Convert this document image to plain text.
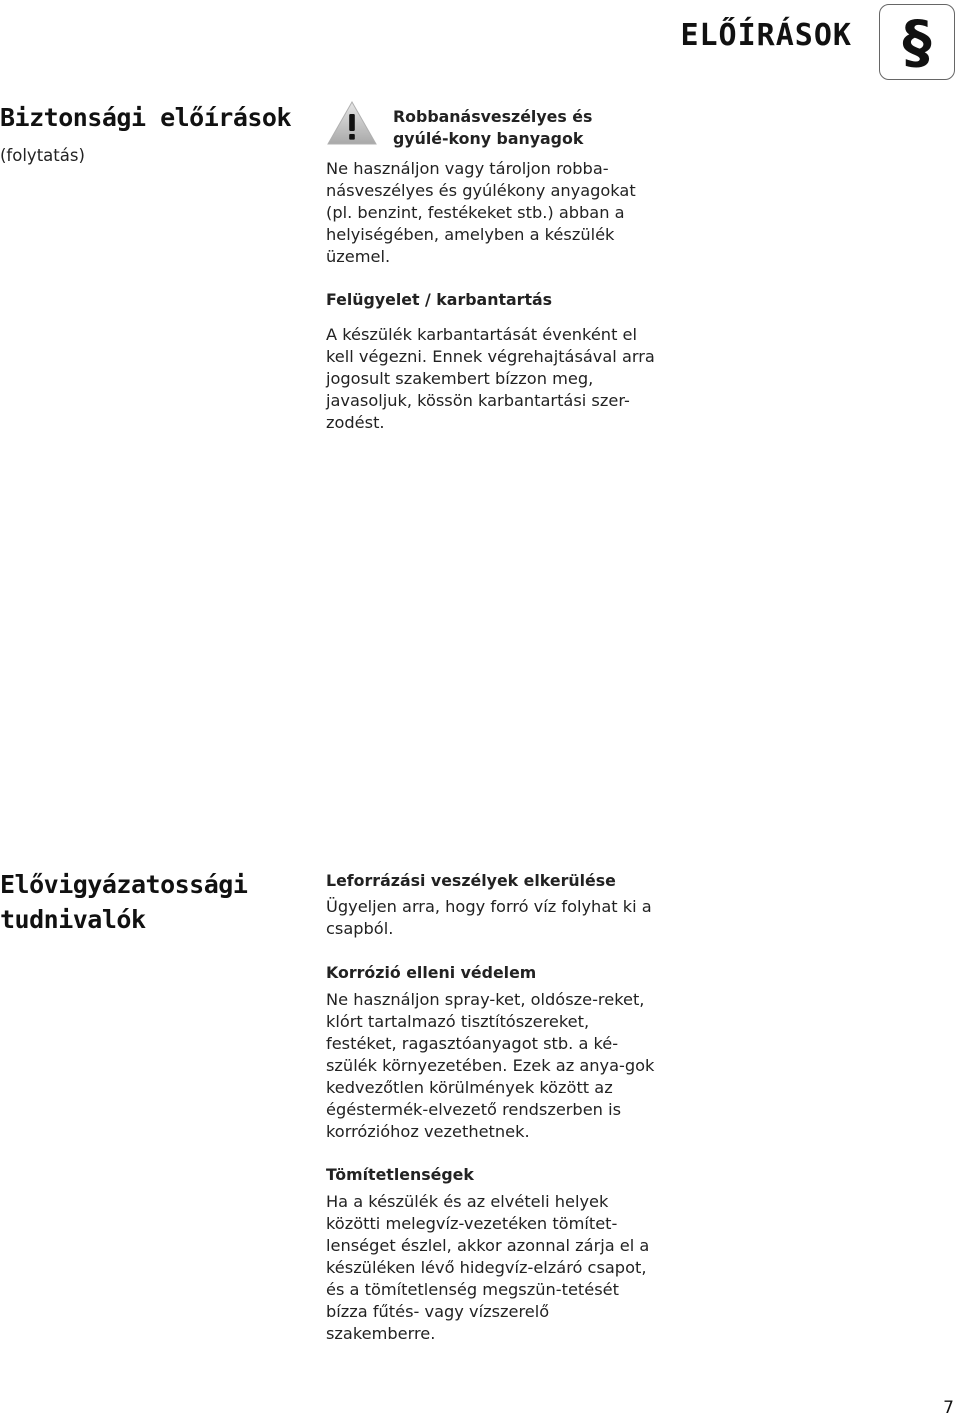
ELŐÍRÁSOK §
Biztonsági előírások
(folytatás)
Robbanásveszélyes és gyúlé-kony banyagok

Ne használjon vagy tároljon robba-násveszélyes és gyúlékony anyagokat (pl. benzint, festékeket stb.) abban a helyiségében, amelyben a készülék üzemel.

Felügyelet / karbantartás

A készülék karbantartását évenként el kell végezni. Ennek végrehajtásával arra jogosult szakembert bízzon meg, javasoljuk, kössön karbantartási szer-zodést.

Elővigyázatossági tudnivalók

Leforrázási veszélyek elkerülése

Ügyeljen arra, hogy forró víz folyhat ki a csapból.

Korrózió elleni védelem

Ne használjon spray-ket, oldósze-reket, klórt tartalmazó tisztítószereket, festéket, ragasztóanyagot stb. a ké-szülék környezetében. Ezek az anya-gok kedvezőtlen körülmények között az égéstermék-elvezető rendszerben is korrózióhoz vezethetnek.

Tömítetlenségek

Ha a készülék és az elvételi helyek közötti melegvíz-vezetéken tömítet-lenséget észlel, akkor azonnal zárja el a készüléken lévő hidegvíz-elzáró csapot, és a tömítetlenség megszün-tetését bízza fűtés- vagy vízszerelő szakemberre.

7
